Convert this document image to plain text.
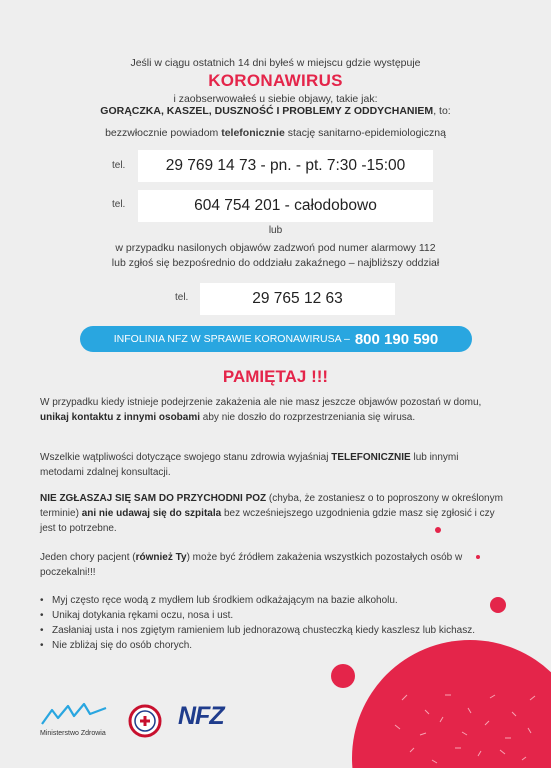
Jeśli w ciągu ostatnich 14 dni byłeś w miejscu gdzie występuje
KORONAWIRUS
i zaobserwowałeś u siebie objawy, takie jak:
GORĄCZKA, KASZEL, DUSZNOŚĆ I PROBLEMY Z ODDYCHANIEM, to:
bezzwłocznie powiadom telefonicznie stację sanitarno-epidemiologiczną
tel.	29 769 14 73 - pn. - pt. 7:30 -15:00
tel.	604 754 201 - całodobowo
lub
w przypadku nasilonych objawów zadzwoń pod numer alarmowy 112
lub zgłoś się bezpośrednio do oddziału zakaźnego – najbliższy oddział
tel.	29 765 12 63
INFOLINIA NFZ W SPRAWIE KORONAWIRUSA – 800 190 590
PAMIĘTAJ !!!
W przypadku kiedy istnieje podejrzenie zakażenia ale nie masz jeszcze objawów pozostań w domu, unikaj kontaktu z innymi osobami aby nie doszło do rozprzestrzeniania się wirusa.
Wszelkie wątpliwości dotyczące swojego stanu zdrowia wyjaśniaj TELEFONICZNIE lub innymi metodami zdalnej konsultacji.
NIE ZGŁASZAJ SIĘ SAM DO PRZYCHODNI POZ (chyba, że zostaniesz o to poproszony w określonym terminie) ani nie udawaj się do szpitala bez wcześniejszego uzgodnienia gdzie masz się zgłosić i czy jest to potrzebne.
Jeden chory pacjent (również Ty) może być źródłem zakażenia wszystkich pozostałych osób w poczekalni!!!
• Myj często ręce wodą z mydłem lub środkiem odkażającym na bazie alkoholu.
• Unikaj dotykania rękami oczu, nosa i ust.
• Zasłaniaj usta i nos zgiętym ramieniem lub jednorazową chusteczką kiedy kaszlesz lub kichasz.
• Nie zbliżaj się do osób chorych.
Ministerstwo Zdrowia
NFZ
